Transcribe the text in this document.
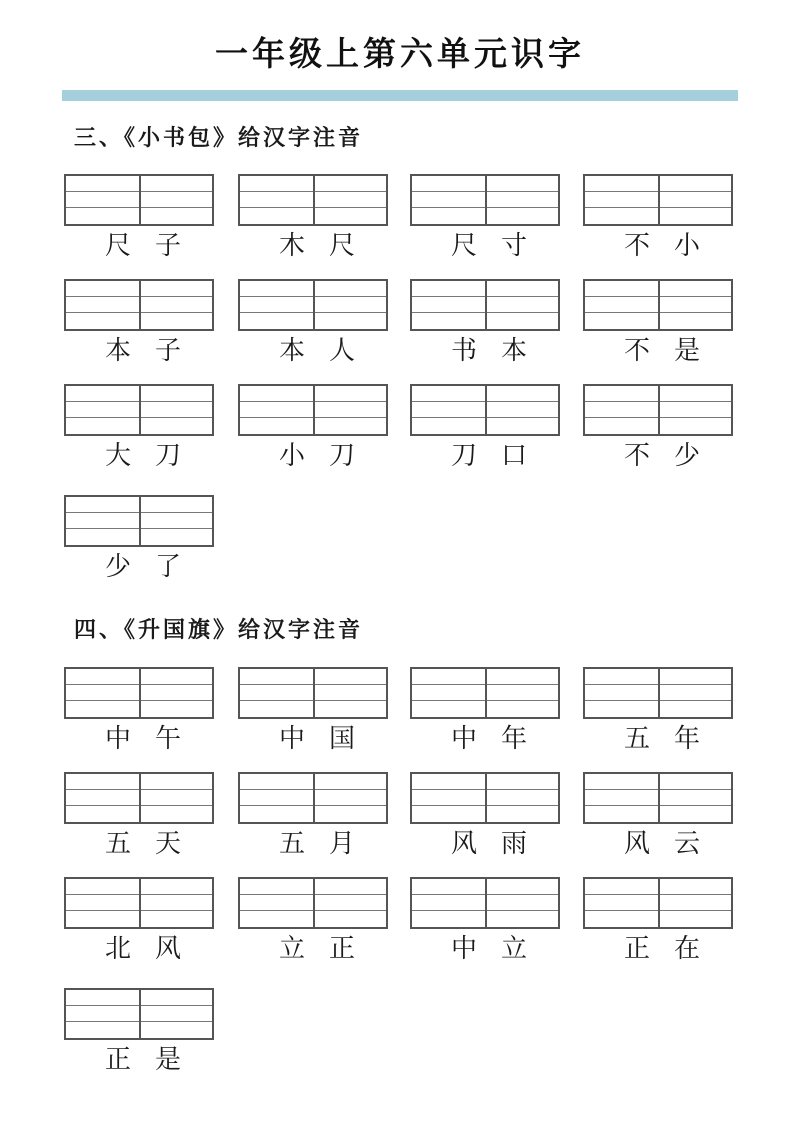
一年级上第六单元识字
三、《小书包》给汉字注音
尺 子	木 尺	尺 寸	不 小
本 子	本 人	书 本	不 是
大 刀	小 刀	刀 口	不 少
少 了
四、《升国旗》给汉字注音
中 午	中 国	中 年	五 年
五 天	五 月	风 雨	风 云
北 风	立 正	中 立	正 在
正 是
